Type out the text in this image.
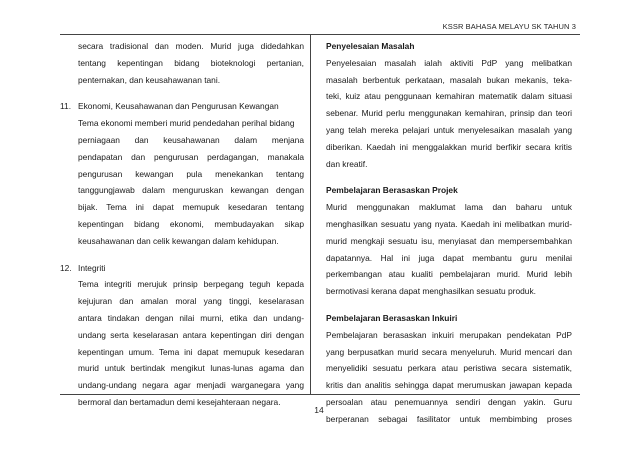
KSSR BAHASA MELAYU SK TAHUN 3
secara tradisional dan moden. Murid juga didedahkan
tentang kepentingan bidang bioteknologi pertanian,
penternakan, dan keusahawanan tani.
11. Ekonomi, Keusahawanan dan Pengurusan Kewangan
Tema ekonomi memberi murid pendedahan perihal bidang
perniagaan dan keusahawanan dalam menjana
pendapatan dan pengurusan perdagangan, manakala
pengurusan kewangan pula menekankan tentang
tanggungjawab dalam menguruskan kewangan dengan
bijak. Tema ini dapat memupuk kesedaran tentang
kepentingan bidang ekonomi, membudayakan sikap
keusahawanan dan celik kewangan dalam kehidupan.
12. Integriti
Tema integriti merujuk prinsip berpegang teguh kepada
kejujuran dan amalan moral yang tinggi, keselarasan
antara tindakan dengan nilai murni, etika dan undang-
undang serta keselarasan antara kepentingan diri dengan
kepentingan umum. Tema ini dapat memupuk kesedaran
murid untuk bertindak mengikut lunas-lunas agama dan
undang-undang negara agar menjadi warganegara yang
bermoral dan bertamadun demi kesejahteraan negara.
Penyelesaian Masalah
Penyelesaian masalah ialah aktiviti PdP yang melibatkan
masalah berbentuk perkataan, masalah bukan mekanis, teka-
teki, kuiz atau penggunaan kemahiran matematik dalam situasi
sebenar. Murid perlu menggunakan kemahiran, prinsip dan teori
yang telah mereka pelajari untuk menyelesaikan masalah yang
diberikan. Kaedah ini menggalakkan murid berfikir secara kritis
dan kreatif.
Pembelajaran Berasaskan Projek
Murid menggunakan maklumat lama dan baharu untuk
menghasilkan sesuatu yang nyata. Kaedah ini melibatkan murid-
murid mengkaji sesuatu isu, menyiasat dan mempersembahkan
dapatannya. Hal ini juga dapat membantu guru menilai
perkembangan atau kualiti pembelajaran murid. Murid lebih
bermotivasi kerana dapat menghasilkan sesuatu produk.
Pembelajaran Berasaskan Inkuiri
Pembelajaran berasaskan inkuiri merupakan pendekatan PdP
yang berpusatkan murid secara menyeluruh. Murid mencari dan
menyelidiki sesuatu perkara atau peristiwa secara sistematik,
kritis dan analitis sehingga dapat merumuskan jawapan kepada
persoalan atau penemuannya sendiri dengan yakin. Guru
berperanan sebagai fasilitator untuk membimbing proses
14
